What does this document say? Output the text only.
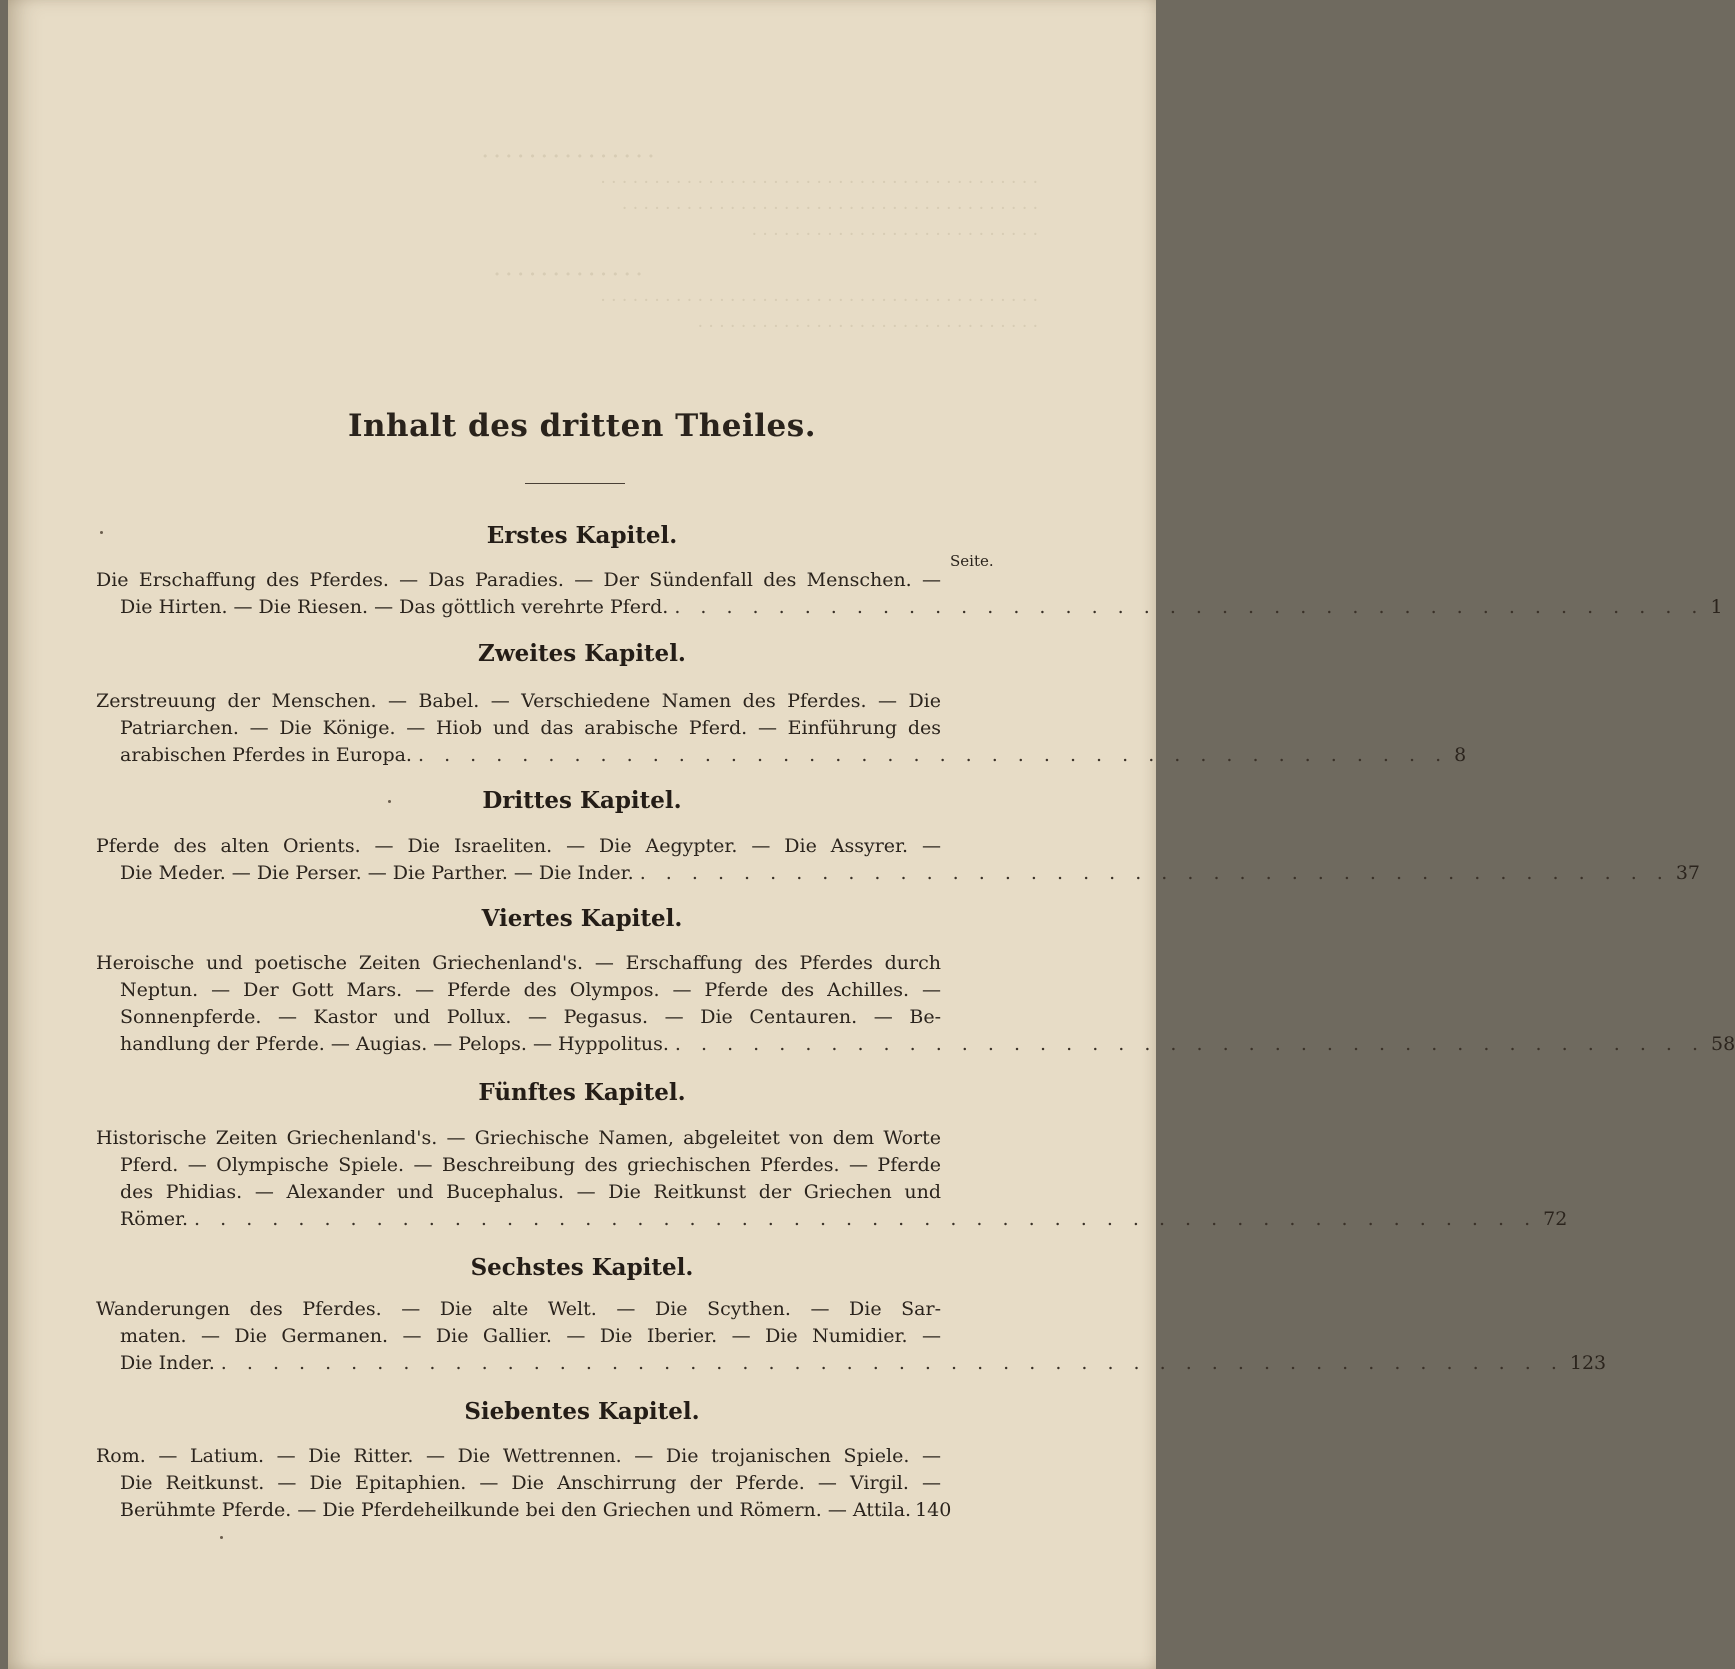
· · · · · · · · · · · · · · ·
· · · · · · · · · · · · · · · · · · · · · · · · · · · · · · · · · · · · · · · · ·
· · · · · · · · · · · · · · · · · · · · · · · · · · · · · · · · · · · · · · ·
· · · · · · · · · · · · · · · · · · · · · · · · · · ·
· · · · · · · · · · · · ·
· · · · · · · · · · · · · · · · · · · · · · · · · · · · · · · · · · · · · · · · ·
· · · · · · · · · · · · · · · · · · · · · · · · · · · · · · · ·
Inhalt des dritten Theiles.
Seite.
Erstes Kapitel.
Die Erschaffung des Pferdes. — Das Paradies. — Der Sündenfall des Menschen. —
Die Hirten. — Die Riesen. — Das göttlich verehrte Pferd. . . . . . . . . . . . . . . . . . . . . . . . . . . . . . . . . . . . . . . . . 1
Zweites Kapitel.
Zerstreuung der Menschen. — Babel. — Verschiedene Namen des Pferdes. — Die
Patriarchen. — Die Könige. — Hiob und das arabische Pferd. — Einführung des
arabischen Pferdes in Europa. . . . . . . . . . . . . . . . . . . . . . . . . . . . . . . . . . . . . . . . . 8
Drittes Kapitel.
Pferde des alten Orients. — Die Israeliten. — Die Aegypter. — Die Assyrer. —
Die Meder. — Die Perser. — Die Parther. — Die Inder. . . . . . . . . . . . . . . . . . . . . . . . . . . . . . . . . . . . . . . . . 37
Viertes Kapitel.
Heroische und poetische Zeiten Griechenland's. — Erschaffung des Pferdes durch
Neptun. — Der Gott Mars. — Pferde des Olympos. — Pferde des Achilles. —
Sonnenpferde. — Kastor und Pollux. — Pegasus. — Die Centauren. — Be-
handlung der Pferde. — Augias. — Pelops. — Hyppolitus. . . . . . . . . . . . . . . . . . . . . . . . . . . . . . . . . . . . . . . . . 58
Fünftes Kapitel.
Historische Zeiten Griechenland's. — Griechische Namen, abgeleitet von dem Worte
Pferd. — Olympische Spiele. — Beschreibung des griechischen Pferdes. — Pferde
des Phidias. — Alexander und Bucephalus. — Die Reitkunst der Griechen und
Römer. . . . . . . . . . . . . . . . . . . . . . . . . . . . . . . . . . . . . . . . . . . . . . . . . . . . . 72
Sechstes Kapitel.
Wanderungen des Pferdes. — Die alte Welt. — Die Scythen. — Die Sar-
maten. — Die Germanen. — Die Gallier. — Die Iberier. — Die Numidier. —
Die Inder. . . . . . . . . . . . . . . . . . . . . . . . . . . . . . . . . . . . . . . . . . . . . . . . . . . . . 123
Siebentes Kapitel.
Rom. — Latium. — Die Ritter. — Die Wettrennen. — Die trojanischen Spiele. —
Die Reitkunst. — Die Epitaphien. — Die Anschirrung der Pferde. — Virgil. —
Berühmte Pferde. — Die Pferdeheilkunde bei den Griechen und Römern. — Attila. 140
